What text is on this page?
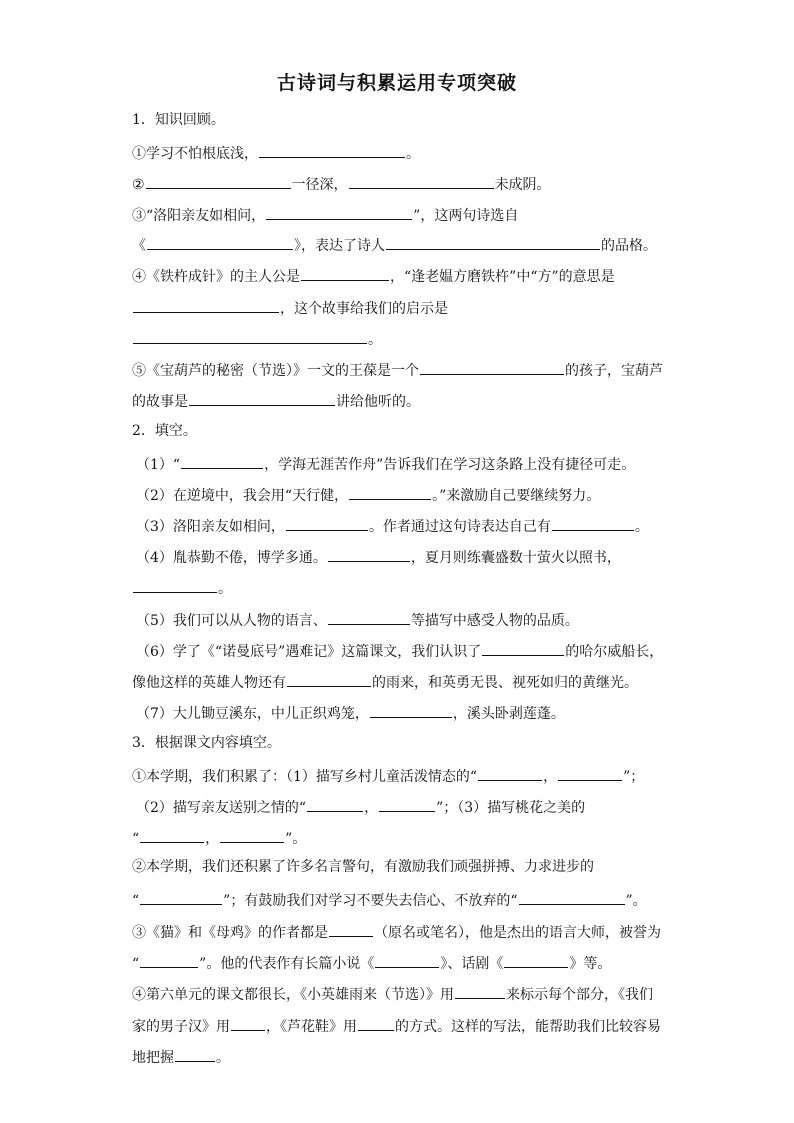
古诗词与积累运用专项突破
1．知识回顾。
①学习不怕根底浅，	。
②	一径深，	未成阴。
③“洛阳亲友如相问，	”，这两句诗选自
《	》，表达了诗人	的品格。
④《铁杵成针》的主人公是	，“逢老媪方磨铁杵”中“方”的意思是
，这个故事给我们的启示是
。
⑤《宝葫芦的秘密（节选）》一文的王葆是一个	的孩子，宝葫芦
的故事是	讲给他听的。
2．填空。
（1）“	，学海无涯苦作舟”告诉我们在学习这条路上没有捷径可走。
（2）在逆境中，我会用“天行健，	。”来激励自己要继续努力。
（3）洛阳亲友如相问，	。作者通过这句诗表达自己有	。
（4）胤恭勤不倦，博学多通。	，夏月则练囊盛数十萤火以照书，
。
（5）我们可以从人物的语言、	等描写中感受人物的品质。
（6）学了《“诺曼底号”遇难记》这篇课文，我们认识了	的哈尔威船长，
像他这样的英雄人物还有	的雨来，和英勇无畏、视死如归的黄继光。
（7）大儿锄豆溪东，中儿正织鸡笼，	，溪头卧剥莲蓬。
3．根据课文内容填空。
①本学期，我们积累了：（1）描写乡村儿童活泼情态的“	，	”；
（2）描写亲友送别之情的“	，	”；（3）描写桃花之美的
“	，	”。
②本学期，我们还积累了许多名言警句，有激励我们顽强拼搏、力求进步的
“	”；有鼓励我们对学习不要失去信心、不放弃的“	”。
③《猫》和《母鸡》的作者都是	（原名或笔名），他是杰出的语言大师，被誉为
“	”。他的代表作有长篇小说《	》、话剧《	》等。
④第六单元的课文都很长，《小英雄雨来（节选）》用	来标示每个部分，《我们
家的男子汉》用	，《芦花鞋》用	的方式。这样的写法，能帮助我们比较容易
地把握	。
